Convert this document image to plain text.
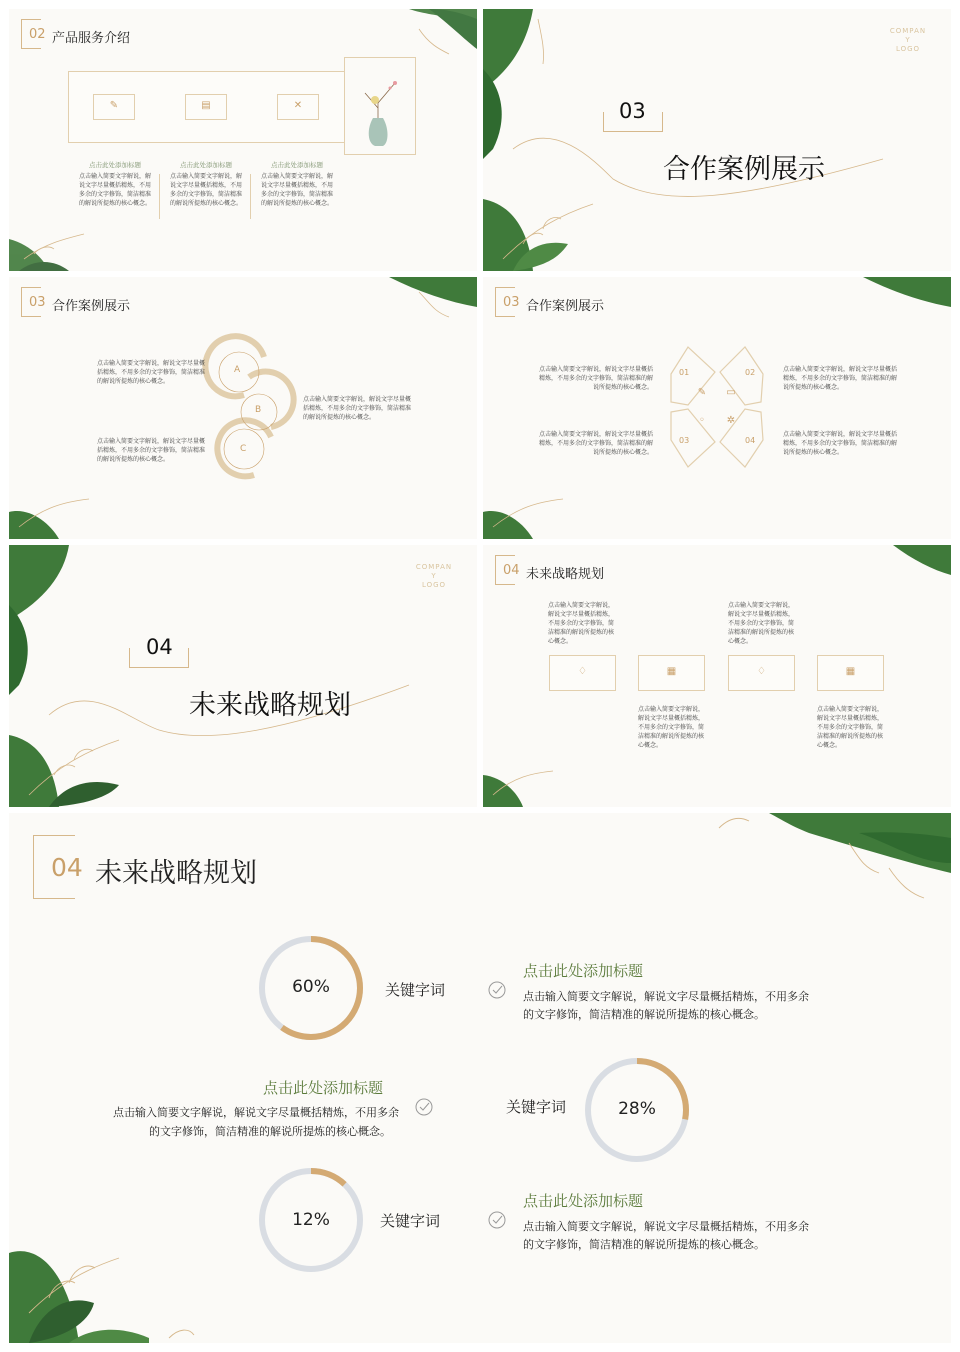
02 产品服务介绍
✎	▤	✕
点击此处添加标题
点击输入简要文字解说，解说文字尽量概括精炼，不用多余的文字修饰，简洁精准的解说所提炼的核心概念。
点击此处添加标题
点击输入简要文字解说，解说文字尽量概括精炼，不用多余的文字修饰，简洁精准的解说所提炼的核心概念。
点击此处添加标题
点击输入简要文字解说，解说文字尽量概括精炼，不用多余的文字修饰，简洁精准的解说所提炼的核心概念。
COMPAN
Y
LOGO
03
合作案例展示
03 合作案例展示
A
B
C
点击输入简要文字解说，解说文字尽量概括精炼，不用多余的文字修饰，简洁精准的解说所提炼的核心概念。
点击输入简要文字解说，解说文字尽量概括精炼，不用多余的文字修饰，简洁精准的解说所提炼的核心概念。
点击输入简要文字解说，解说文字尽量概括精炼，不用多余的文字修饰，简洁精准的解说所提炼的核心概念。
03 合作案例展示
01	02
03	04
✎ ▭
◦	✲
点击输入简要文字解说，解说文字尽量概括精炼，不用多余的文字修饰，简洁精准的解说所提炼的核心概念。
点击输入简要文字解说，解说文字尽量概括精炼，不用多余的文字修饰，简洁精准的解说所提炼的核心概念。
点击输入简要文字解说，解说文字尽量概括精炼，不用多余的文字修饰，简洁精准的解说所提炼的核心概念。
点击输入简要文字解说，解说文字尽量概括精炼，不用多余的文字修饰，简洁精准的解说所提炼的核心概念。
COMPAN
Y
LOGO
04
未来战略规划
04 未来战略规划
点击输入简要文字解说，解说文字尽量概括精炼，不用多余的文字修饰，简洁精准的解说所提炼的核心概念。
点击输入简要文字解说，解说文字尽量概括精炼，不用多余的文字修饰，简洁精准的解说所提炼的核心概念。
♢	▦	♢	▦
点击输入简要文字解说，解说文字尽量概括精炼，不用多余的文字修饰，简洁精准的解说所提炼的核心概念。
点击输入简要文字解说，解说文字尽量概括精炼，不用多余的文字修饰，简洁精准的解说所提炼的核心概念。
04 未来战略规划
60%	关键字词
28%
关键字词
12%	关键字词
点击此处添加标题
点击输入简要文字解说，解说文字尽量概括精炼，不用多余
的文字修饰，简洁精准的解说所提炼的核心概念。
点击此处添加标题
点击输入简要文字解说，解说文字尽量概括精炼，不用多余
的文字修饰，简洁精准的解说所提炼的核心概念。
点击此处添加标题
点击输入简要文字解说，解说文字尽量概括精炼，不用多余
的文字修饰，简洁精准的解说所提炼的核心概念。
